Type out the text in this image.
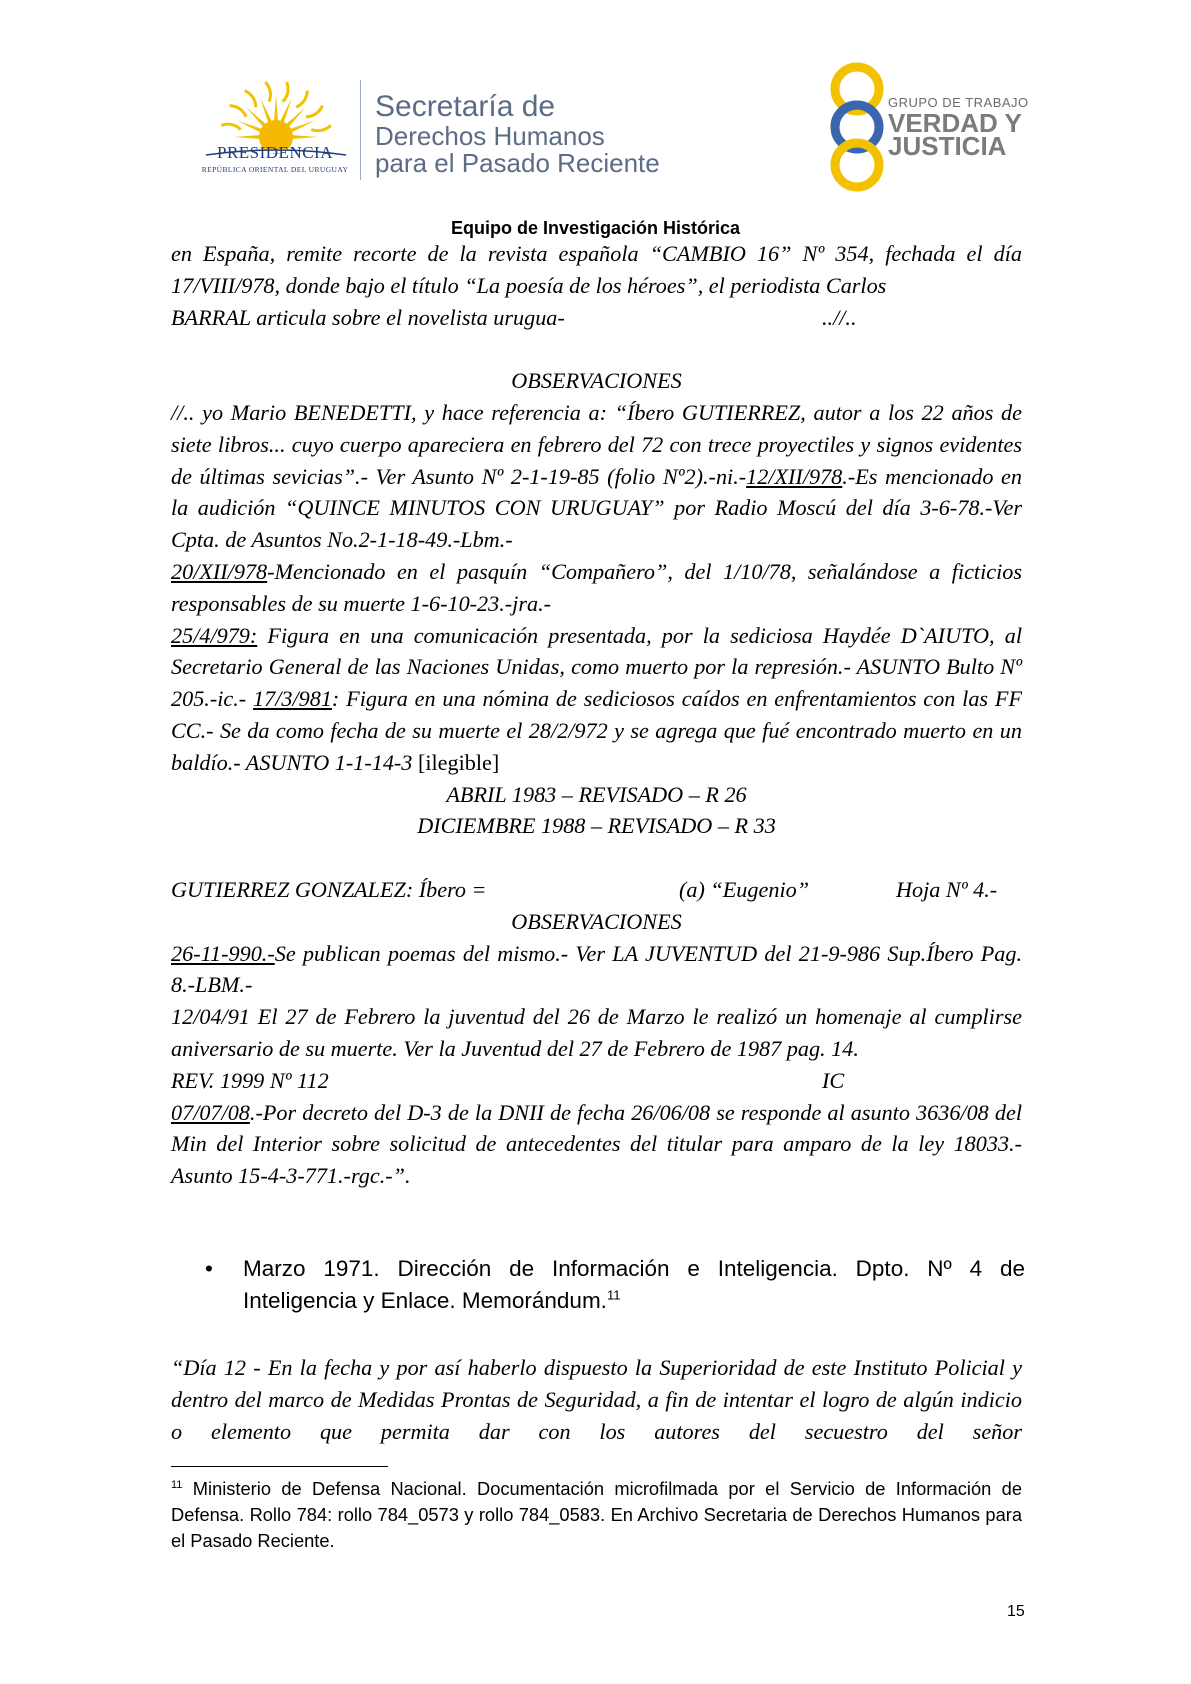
PRESIDENCIA
REPÚBLICA ORIENTAL DEL URUGUAY
Secretaría de
Derechos Humanos
para el Pasado Reciente
GRUPO DE TRABAJO
VERDAD Y
JUSTICIA
Equipo de Investigación Histórica
en España, remite recorte de la revista española “CAMBIO 16” Nº 354, fechada el día 17/VIII/978, donde bajo el título “La poesía de los héroes”, el periodista Carlos
BARRAL articula sobre el novelista urugua-	..//..
OBSERVACIONES
//.. yo Mario BENEDETTI, y hace referencia a: “Íbero GUTIERREZ, autor a los 22 años de siete libros... cuyo cuerpo apareciera en febrero del 72 con trece proyectiles y signos evidentes de últimas sevicias”.- Ver Asunto Nº 2-1-19-85 (folio Nº2).-ni.-12/XII/978.-Es mencionado en la audición “QUINCE MINUTOS CON URUGUAY” por Radio Moscú del día 3-6-78.-Ver Cpta. de Asuntos No.2-1-18-49.-Lbm.-
20/XII/978-Mencionado en el pasquín “Compañero”, del 1/10/78, señalándose a ficticios responsables de su muerte 1-6-10-23.-jra.-
25/4/979: Figura en una comunicación presentada, por la sediciosa Haydée D`AIUTO, al Secretario General de las Naciones Unidas, como muerto por la represión.- ASUNTO Bulto Nº 205.-ic.- 17/3/981: Figura en una nómina de sediciosos caídos en enfrentamientos con las FF CC.- Se da como fecha de su muerte el 28/2/972 y se agrega que fué encontrado muerto en un baldío.- ASUNTO 1-1-14-3 [ilegible]
ABRIL 1983 – REVISADO – R 26
DICIEMBRE 1988 – REVISADO – R 33
GUTIERREZ GONZALEZ: Íbero =	(a) “Eugenio”	Hoja Nº 4.-
OBSERVACIONES
26-11-990.-Se publican poemas del mismo.- Ver LA JUVENTUD del 21-9-986 Sup.Íbero Pag. 8.-LBM.-
12/04/91 El 27 de Febrero la juventud del 26 de Marzo le realizó un homenaje al cumplirse aniversario de su muerte. Ver la Juventud del 27 de Febrero de 1987 pag. 14.
REV. 1999 Nº 112	IC
07/07/08.-Por decreto del D-3 de la DNII de fecha 26/06/08 se responde al asunto 3636/08 del Min del Interior sobre solicitud de antecedentes del titular para amparo de la ley 18033.- Asunto 15-4-3-771.-rgc.-”.
• Marzo 1971. Dirección de Información e Inteligencia. Dpto. Nº 4 de Inteligencia y Enlace. Memorándum.$^{11}$
“Día 12 - En la fecha y por así haberlo dispuesto la Superioridad de este Instituto Policial y dentro del marco de Medidas Prontas de Seguridad, a fin de intentar el logro de algún indicio o elemento que permita dar con los autores del secuestro del señor
$^{11}$ Ministerio de Defensa Nacional. Documentación microfilmada por el Servicio de Información de Defensa. Rollo 784: rollo 784_0573 y rollo 784_0583. En Archivo Secretaria de Derechos Humanos para el Pasado Reciente.
15
